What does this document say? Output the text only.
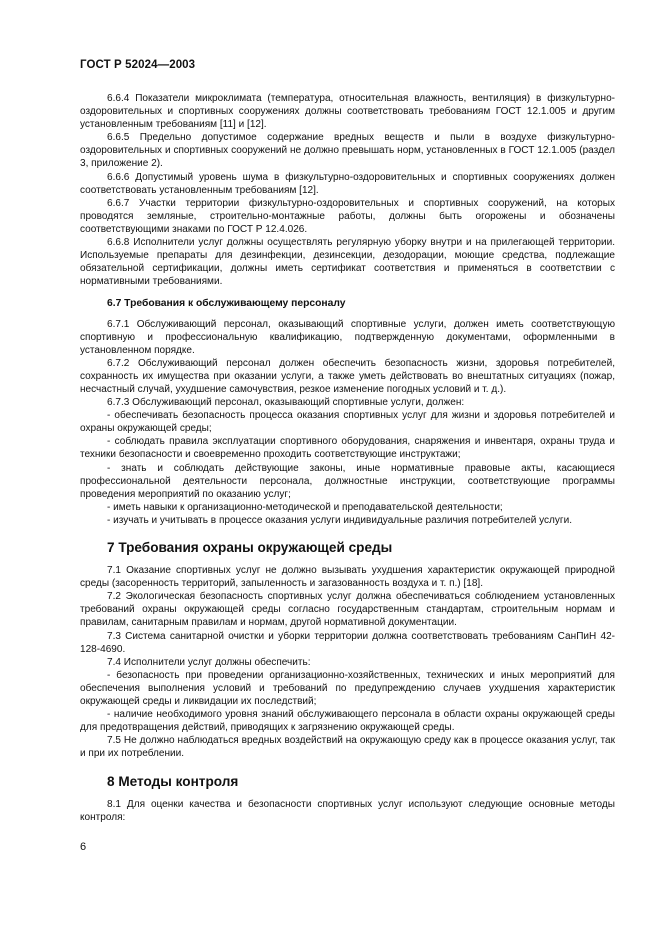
ГОСТ Р 52024—2003

6.6.4 Показатели микроклимата (температура, относительная влажность, вентиляция) в физкультурно-оздоровительных и спортивных сооружениях должны соответствовать требованиям ГОСТ 12.1.005 и другим установленным требованиям [11] и [12].

6.6.5 Предельно допустимое содержание вредных веществ и пыли в воздухе физкультурно-оздоровительных и спортивных сооружений не должно превышать норм, установленных в ГОСТ 12.1.005 (раздел 3, приложение 2).

6.6.6 Допустимый уровень шума в физкультурно-оздоровительных и спортивных сооружениях должен соответствовать установленным требованиям [12].

6.6.7 Участки территории физкультурно-оздоровительных и спортивных сооружений, на которых проводятся земляные, строительно-монтажные работы, должны быть огорожены и обозначены соответствующими знаками по ГОСТ Р 12.4.026.

6.6.8 Исполнители услуг должны осуществлять регулярную уборку внутри и на прилегающей территории. Используемые препараты для дезинфекции, дезинсекции, дезодорации, моющие средства, подлежащие обязательной сертификации, должны иметь сертификат соответствия и применяться в соответствии с нормативными требованиями.

6.7 Требования к обслуживающему персоналу

6.7.1 Обслуживающий персонал, оказывающий спортивные услуги, должен иметь соответствующую спортивную и профессиональную квалификацию, подтвержденную документами, оформленными в установленном порядке.

6.7.2 Обслуживающий персонал должен обеспечить безопасность жизни, здоровья потребителей, сохранность их имущества при оказании услуги, а также уметь действовать во внештатных ситуациях (пожар, несчастный случай, ухудшение самочувствия, резкое изменение погодных условий и т. д.).

6.7.3 Обслуживающий персонал, оказывающий спортивные услуги, должен:

- обеспечивать безопасность процесса оказания спортивных услуг для жизни и здоровья потребителей и охраны окружающей среды;

- соблюдать правила эксплуатации спортивного оборудования, снаряжения и инвентаря, охраны труда и техники безопасности и своевременно проходить соответствующие инструктажи;

- знать и соблюдать действующие законы, иные нормативные правовые акты, касающиеся профессиональной деятельности персонала, должностные инструкции, соответствующие программы проведения мероприятий по оказанию услуг;

- иметь навыки к организационно-методической и преподавательской деятельности;

- изучать и учитывать в процессе оказания услуги индивидуальные различия потребителей услуги.

7 Требования охраны окружающей среды

7.1 Оказание спортивных услуг не должно вызывать ухудшения характеристик окружающей природной среды (засоренность территорий, запыленность и загазованность воздуха и т. п.) [18].

7.2 Экологическая безопасность спортивных услуг должна обеспечиваться соблюдением установленных требований охраны окружающей среды согласно государственным стандартам, строительным нормам и правилам, санитарным правилам и нормам, другой нормативной документации.

7.3 Система санитарной очистки и уборки территории должна соответствовать требованиям СанПиН 42-128-4690.

7.4 Исполнители услуг должны обеспечить:

- безопасность при проведении организационно-хозяйственных, технических и иных мероприятий для обеспечения выполнения условий и требований по предупреждению случаев ухудшения характеристик окружающей среды и ликвидации их последствий;

- наличие необходимого уровня знаний обслуживающего персонала в области охраны окружающей среды для предотвращения действий, приводящих к загрязнению окружающей среды.

7.5 Не должно наблюдаться вредных воздействий на окружающую среду как в процессе оказания услуг, так и при их потреблении.

8 Методы контроля

8.1 Для оценки качества и безопасности спортивных услуг используют следующие основные методы контроля:

6
